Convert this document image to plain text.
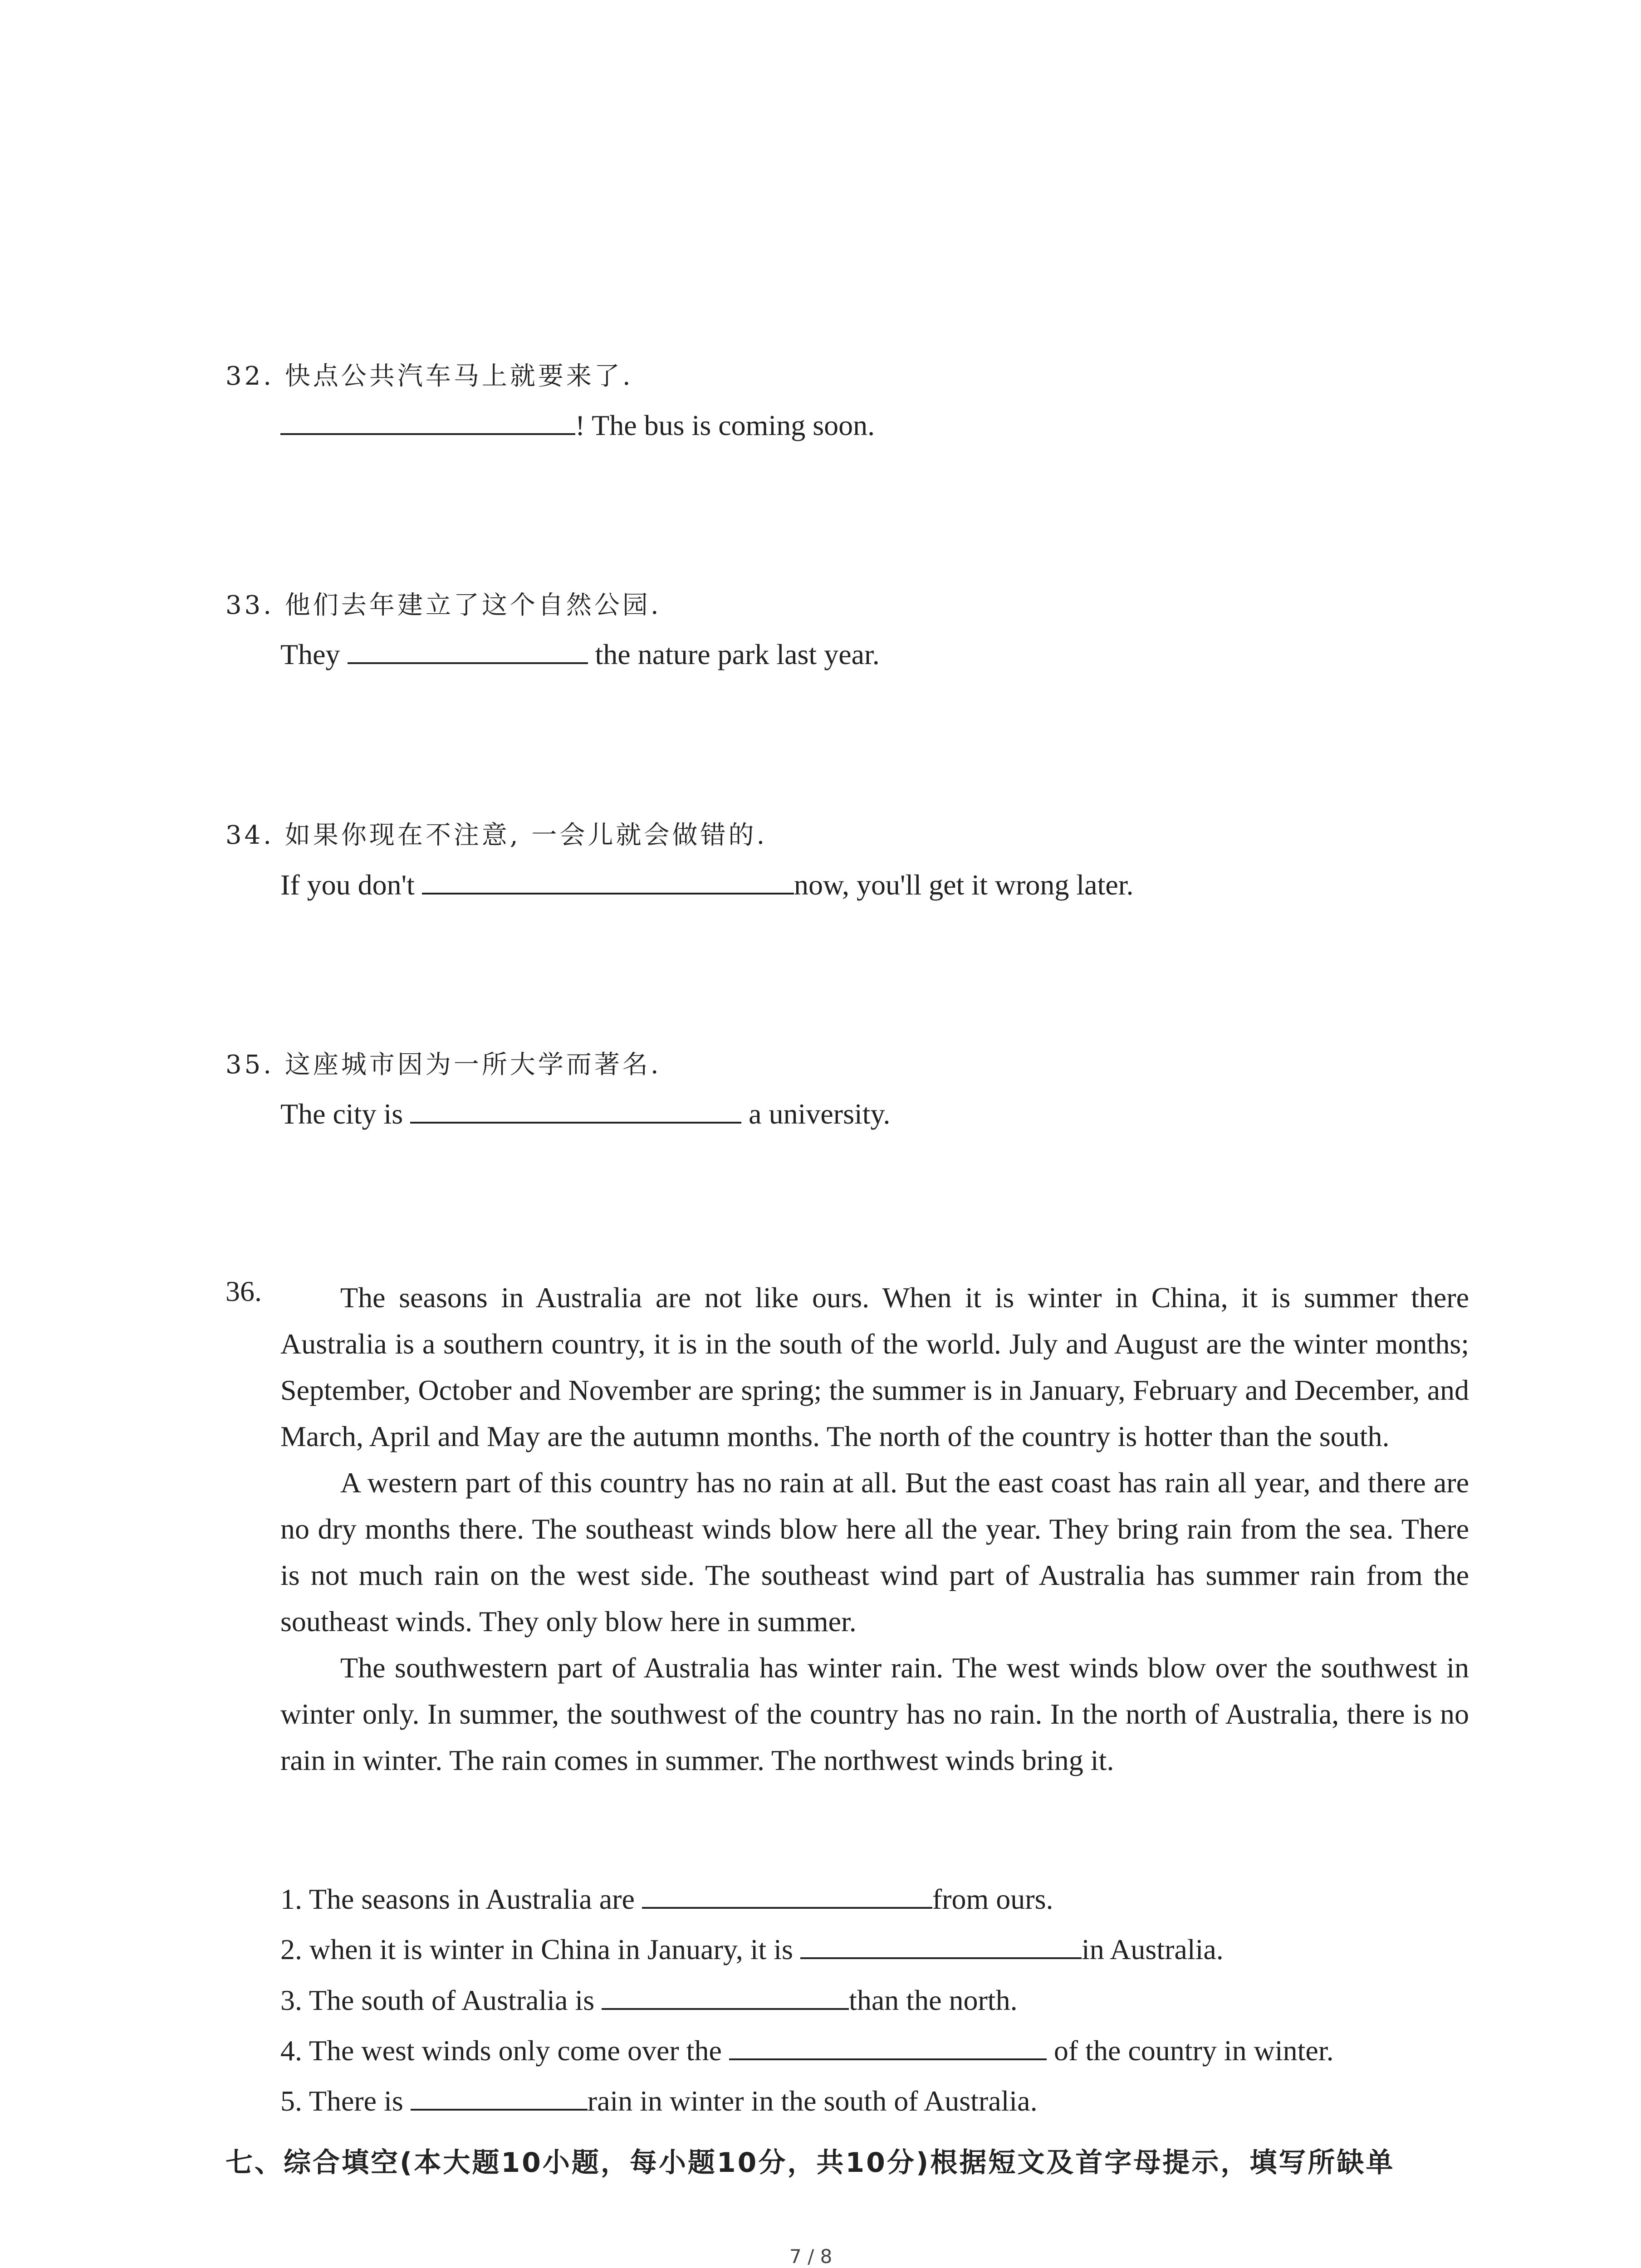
32. 快点公共汽车马上就要来了.
! The bus is coming soon.
33. 他们去年建立了这个自然公园.
They	the nature park last year.
34. 如果你现在不注意, 一会儿就会做错的.
If you don't	now, you'll get it wrong later.
35. 这座城市因为一所大学而著名.
The city is	a university.
36.	The seasons in Australia are not like ours. When it is winter in China, it is summer there Australia is a southern country, it is in the south of the world. July and August are the winter months; September, October and November are spring; the summer is in January, February and December, and March, April and May are the autumn months. The north of the country is hotter than the south.

A western part of this country has no rain at all. But the east coast has rain all year, and there are no dry months there. The southeast winds blow here all the year. They bring rain from the sea. There is not much rain on the west side. The southeast wind part of Australia has summer rain from the southeast winds. They only blow here in summer.

The southwestern part of Australia has winter rain. The west winds blow over the southwest in winter only. In summer, the southwest of the country has no rain. In the north of Australia, there is no rain in winter. The rain comes in summer. The northwest winds bring it.

1. The seasons in Australia are	from ours.
2. when it is winter in China in January, it is	in Australia.
3. The south of Australia is	than the north.
4. The west winds only come over the	of the country in winter.
5. There is	rain in winter in the south of Australia.
七、综合填空(本大题10小题，每小题10分，共10分)根据短文及首字母提示，填写所缺单
7 / 8
